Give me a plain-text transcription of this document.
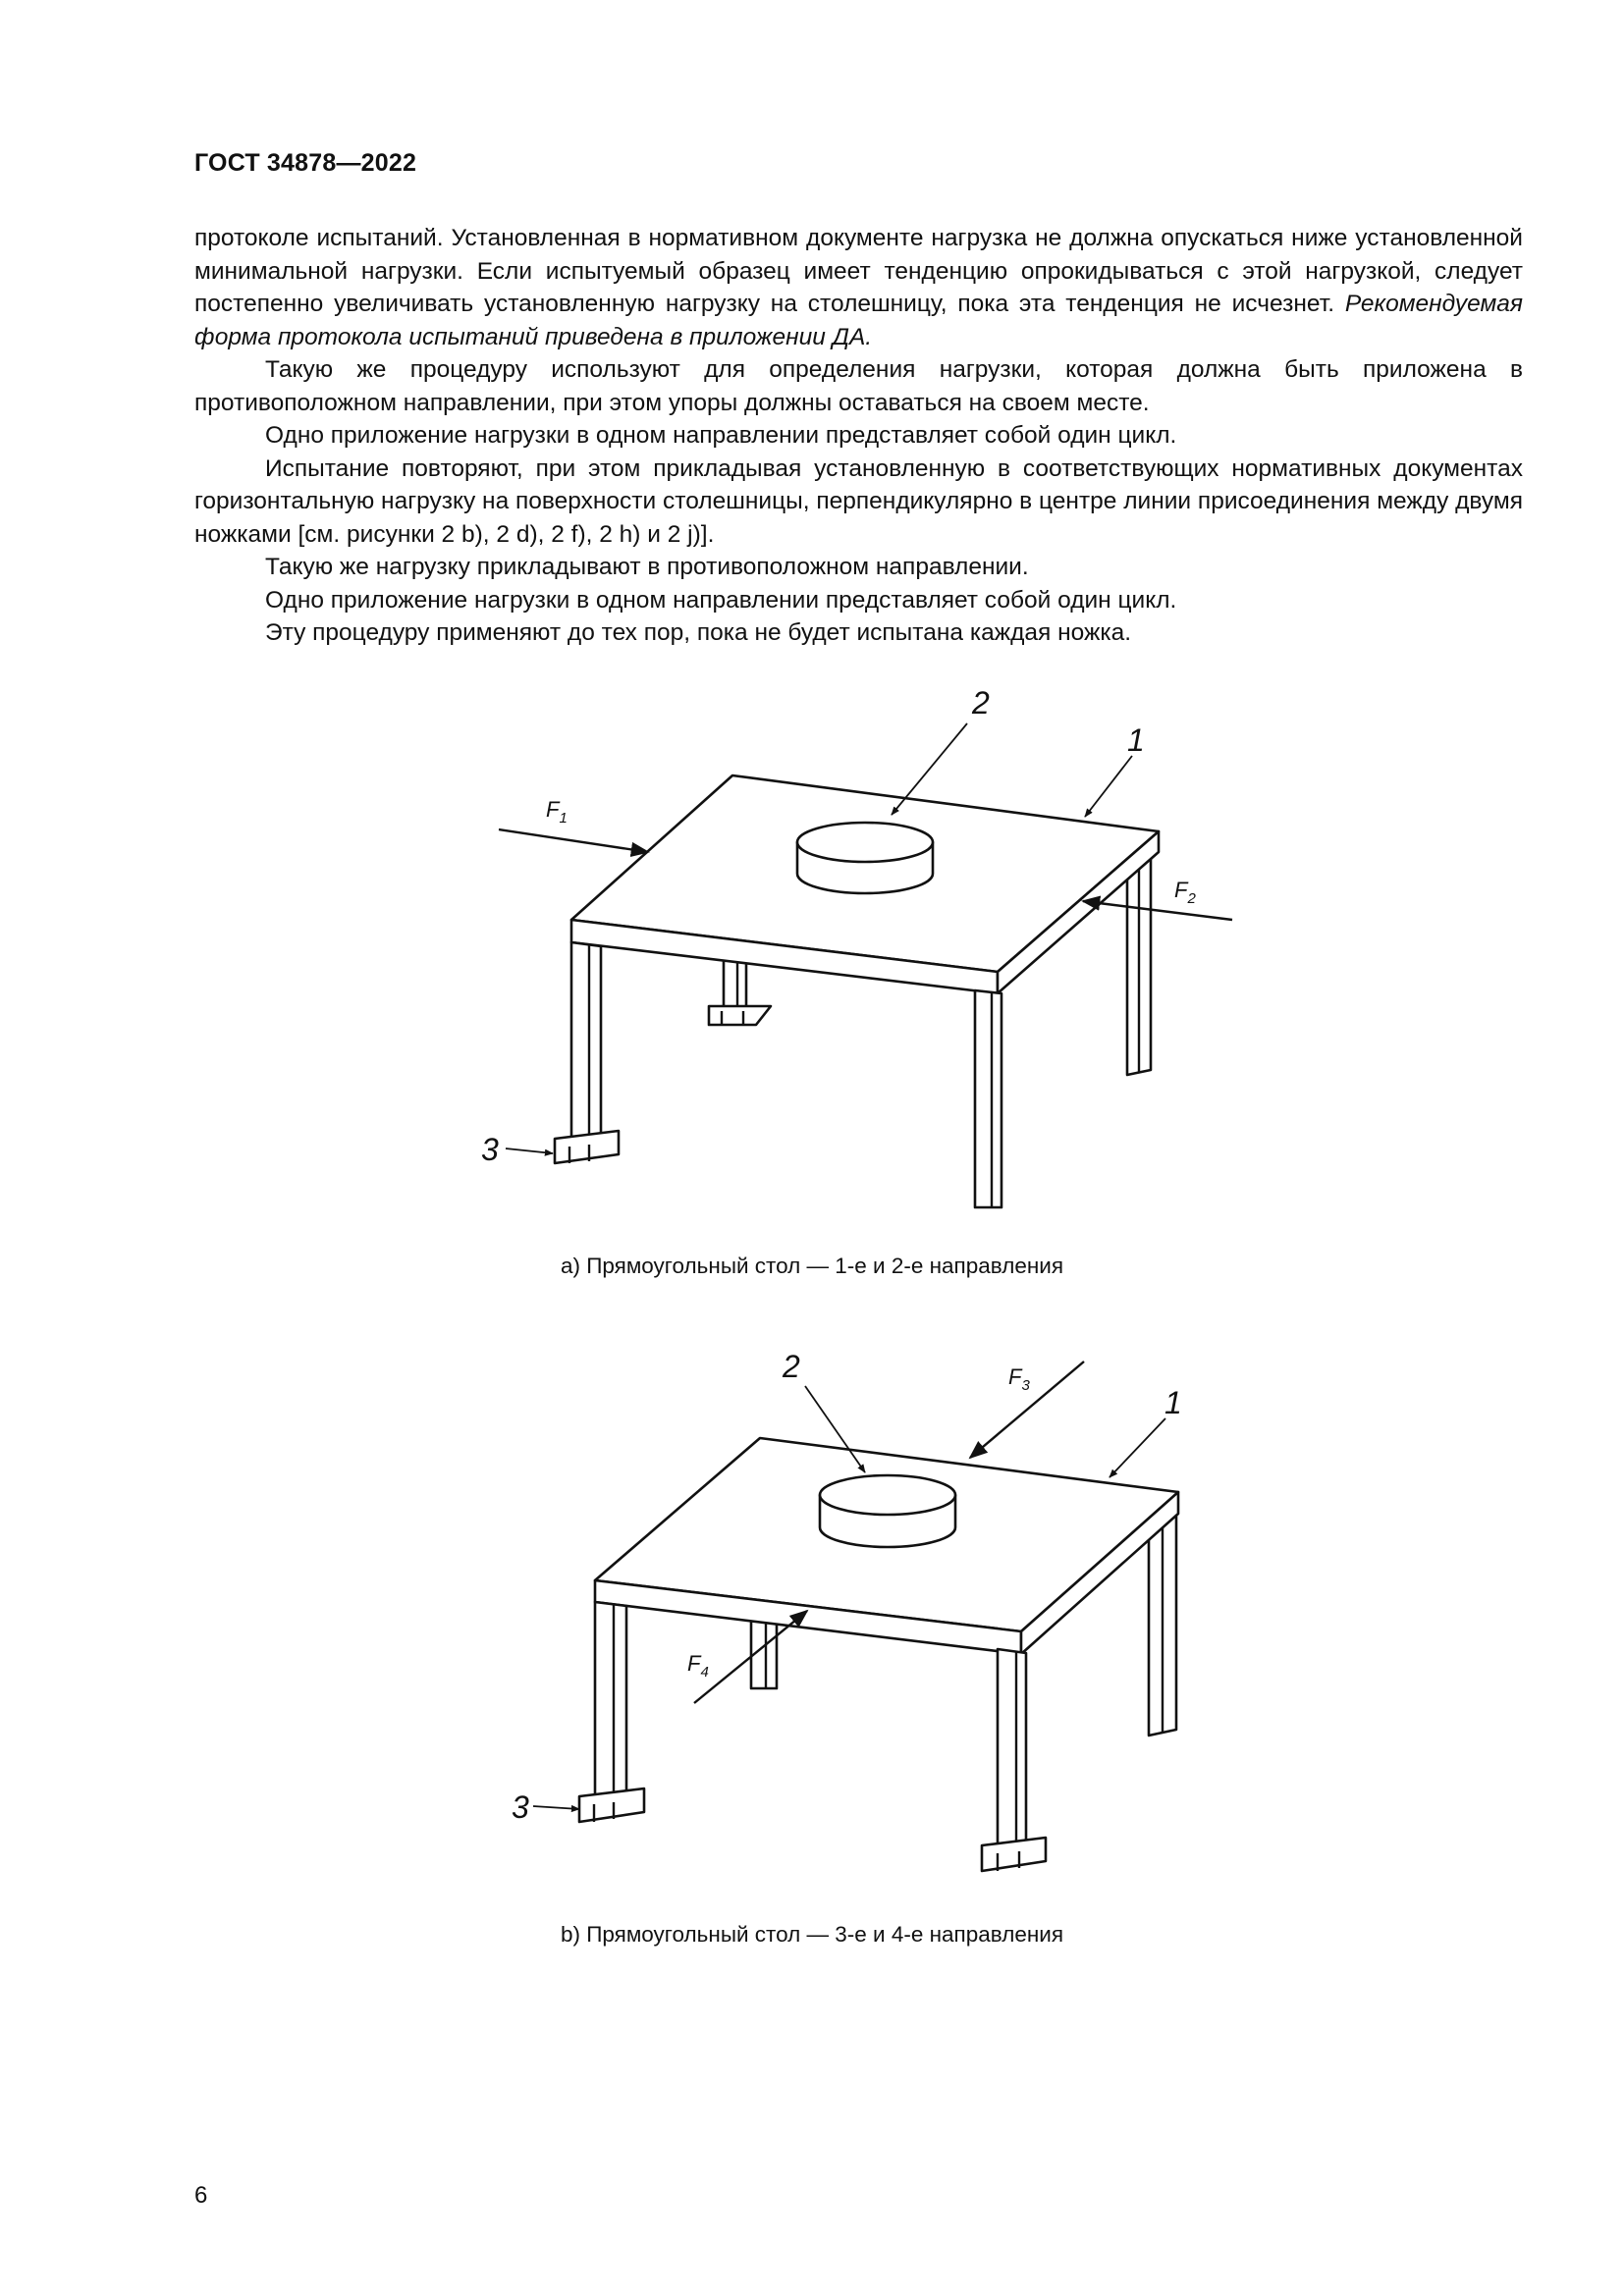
ГОСТ 34878—2022

протоколе испытаний. Установленная в нормативном документе нагрузка не должна опускаться ниже установленной минимальной нагрузки. Если испытуемый образец имеет тенденцию опрокидываться с этой нагрузкой, следует постепенно увеличивать установленную нагрузку на столешницу, пока эта тенденция не исчезнет. Рекомендуемая форма протокола испытаний приведена в приложении ДА.

Такую же процедуру используют для определения нагрузки, которая должна быть приложена в противоположном направлении, при этом упоры должны оставаться на своем месте.

Одно приложение нагрузки в одном направлении представляет собой один цикл.

Испытание повторяют, при этом прикладывая установленную в соответствующих нормативных документах горизонтальную нагрузку на поверхности столешницы, перпендикулярно в центре линии присоединения между двумя ножками [см. рисунки 2 b), 2 d), 2 f), 2 h) и 2 j)].

Такую же нагрузку прикладывают в противоположном направлении.

Одно приложение нагрузки в одном направлении представляет собой один цикл.

Эту процедуру применяют до тех пор, пока не будет испытана каждая ножка.

2
1
3
$F_1$
$F_2$
a) Прямоугольный стол — 1-е и 2-е направления
2
1
3
$F_3$
$F_4$
b) Прямоугольный стол — 3-е и 4-е направления
6
